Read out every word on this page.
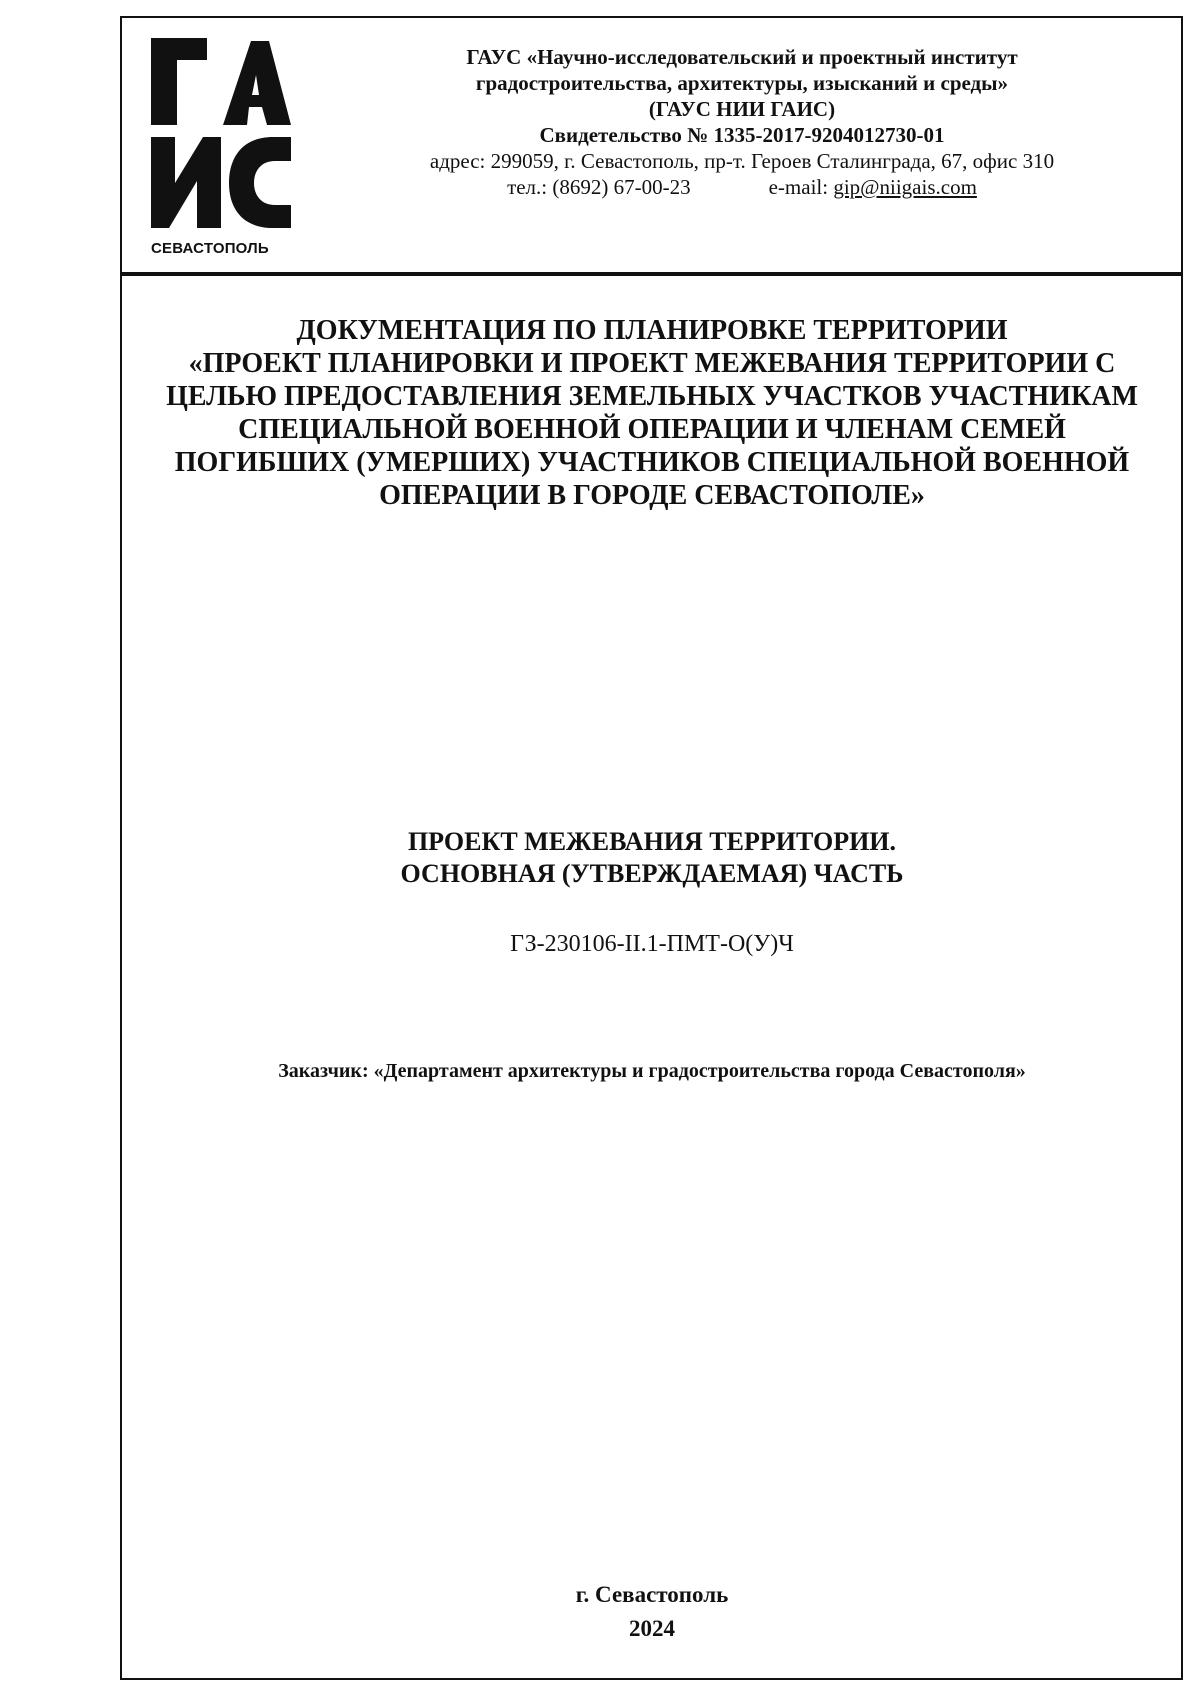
СЕВАСТОПОЛЬ
ГАУС «Научно-исследовательский и проектный институт
градостроительства, архитектуры, изысканий и среды»
(ГАУС НИИ ГАИС)
Свидетельство № 1335-2017-9204012730-01
адрес: 299059, г. Севастополь, пр-т. Героев Сталинграда, 67, офис 310
тел.: (8692) 67-00-23	e-mail: gip@niigais.com
ДОКУМЕНТАЦИЯ ПО ПЛАНИРОВКЕ ТЕРРИТОРИИ
«ПРОЕКТ ПЛАНИРОВКИ И ПРОЕКТ МЕЖЕВАНИЯ ТЕРРИТОРИИ С
ЦЕЛЬЮ ПРЕДОСТАВЛЕНИЯ ЗЕМЕЛЬНЫХ УЧАСТКОВ УЧАСТНИКАМ
СПЕЦИАЛЬНОЙ ВОЕННОЙ ОПЕРАЦИИ И ЧЛЕНАМ СЕМЕЙ
ПОГИБШИХ (УМЕРШИХ) УЧАСТНИКОВ СПЕЦИАЛЬНОЙ ВОЕННОЙ
ОПЕРАЦИИ В ГОРОДЕ СЕВАСТОПОЛЕ»
ПРОЕКТ МЕЖЕВАНИЯ ТЕРРИТОРИИ.
ОСНОВНАЯ (УТВЕРЖДАЕМАЯ) ЧАСТЬ
ГЗ-230106-II.1-ПМТ-О(У)Ч
Заказчик: «Департамент архитектуры и градостроительства города Севастополя»
г. Севастополь
2024
